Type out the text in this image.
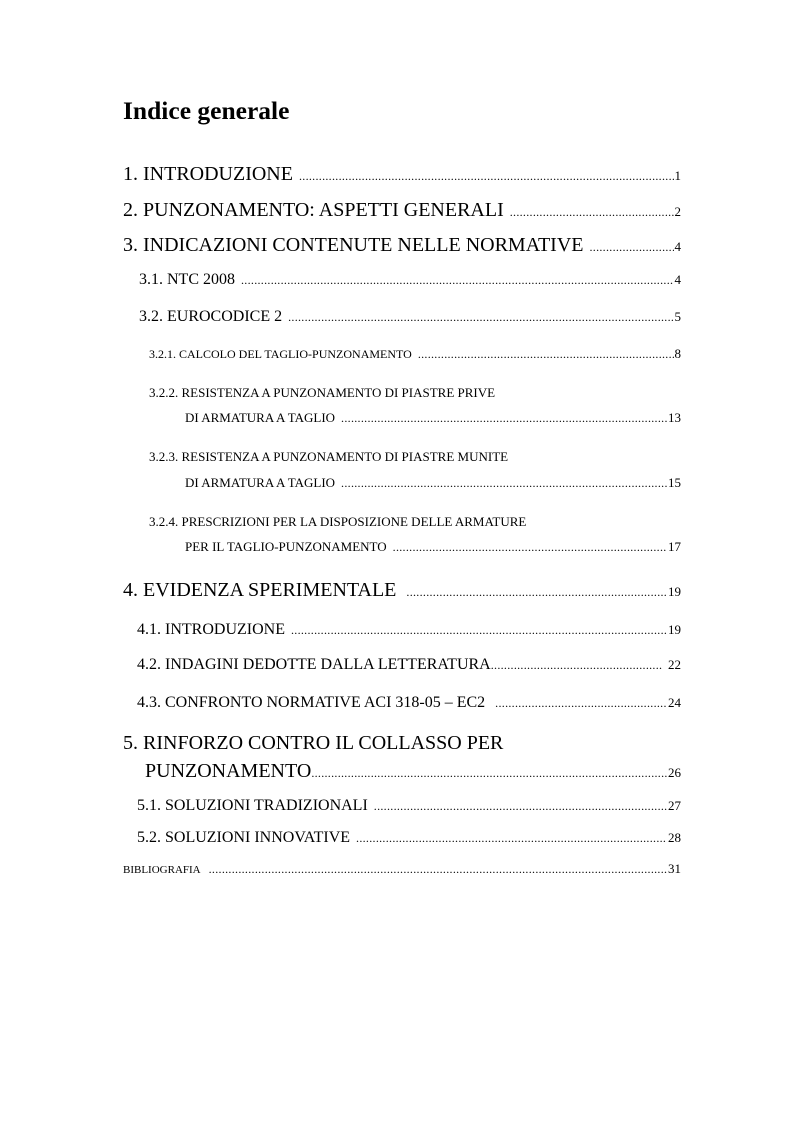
Indice generale
1. INTRODUZIONE .....	1
2. PUNZONAMENTO: ASPETTI GENERALI .....	2
3. INDICAZIONI CONTENUTE NELLE NORMATIVE .....	4
3.1. NTC 2008 .....	4
3.2. EUROCODICE 2 .....	5
3.2.1. CALCOLO DEL TAGLIO-PUNZONAMENTO .....	8
3.2.2. RESISTENZA A PUNZONAMENTO DI PIASTRE PRIVE
DI ARMATURA A TAGLIO .....	13
3.2.3. RESISTENZA A PUNZONAMENTO DI PIASTRE MUNITE
DI ARMATURA A TAGLIO .....	15
3.2.4. PRESCRIZIONI PER LA DISPOSIZIONE DELLE ARMATURE
PER IL TAGLIO-PUNZONAMENTO .....	17
4. EVIDENZA SPERIMENTALE .....	19
4.1. INTRODUZIONE .....	19
4.2. INDAGINI DEDOTTE DALLA LETTERATURA .....	22
4.3. CONFRONTO NORMATIVE ACI 318-05 – EC2 .....	24
5. RINFORZO CONTRO IL COLLASSO PER
PUNZONAMENTO .....	26
5.1. SOLUZIONI TRADIZIONALI .....	27
5.2. SOLUZIONI INNOVATIVE .....	28
BIBLIOGRAFIA .....	31
